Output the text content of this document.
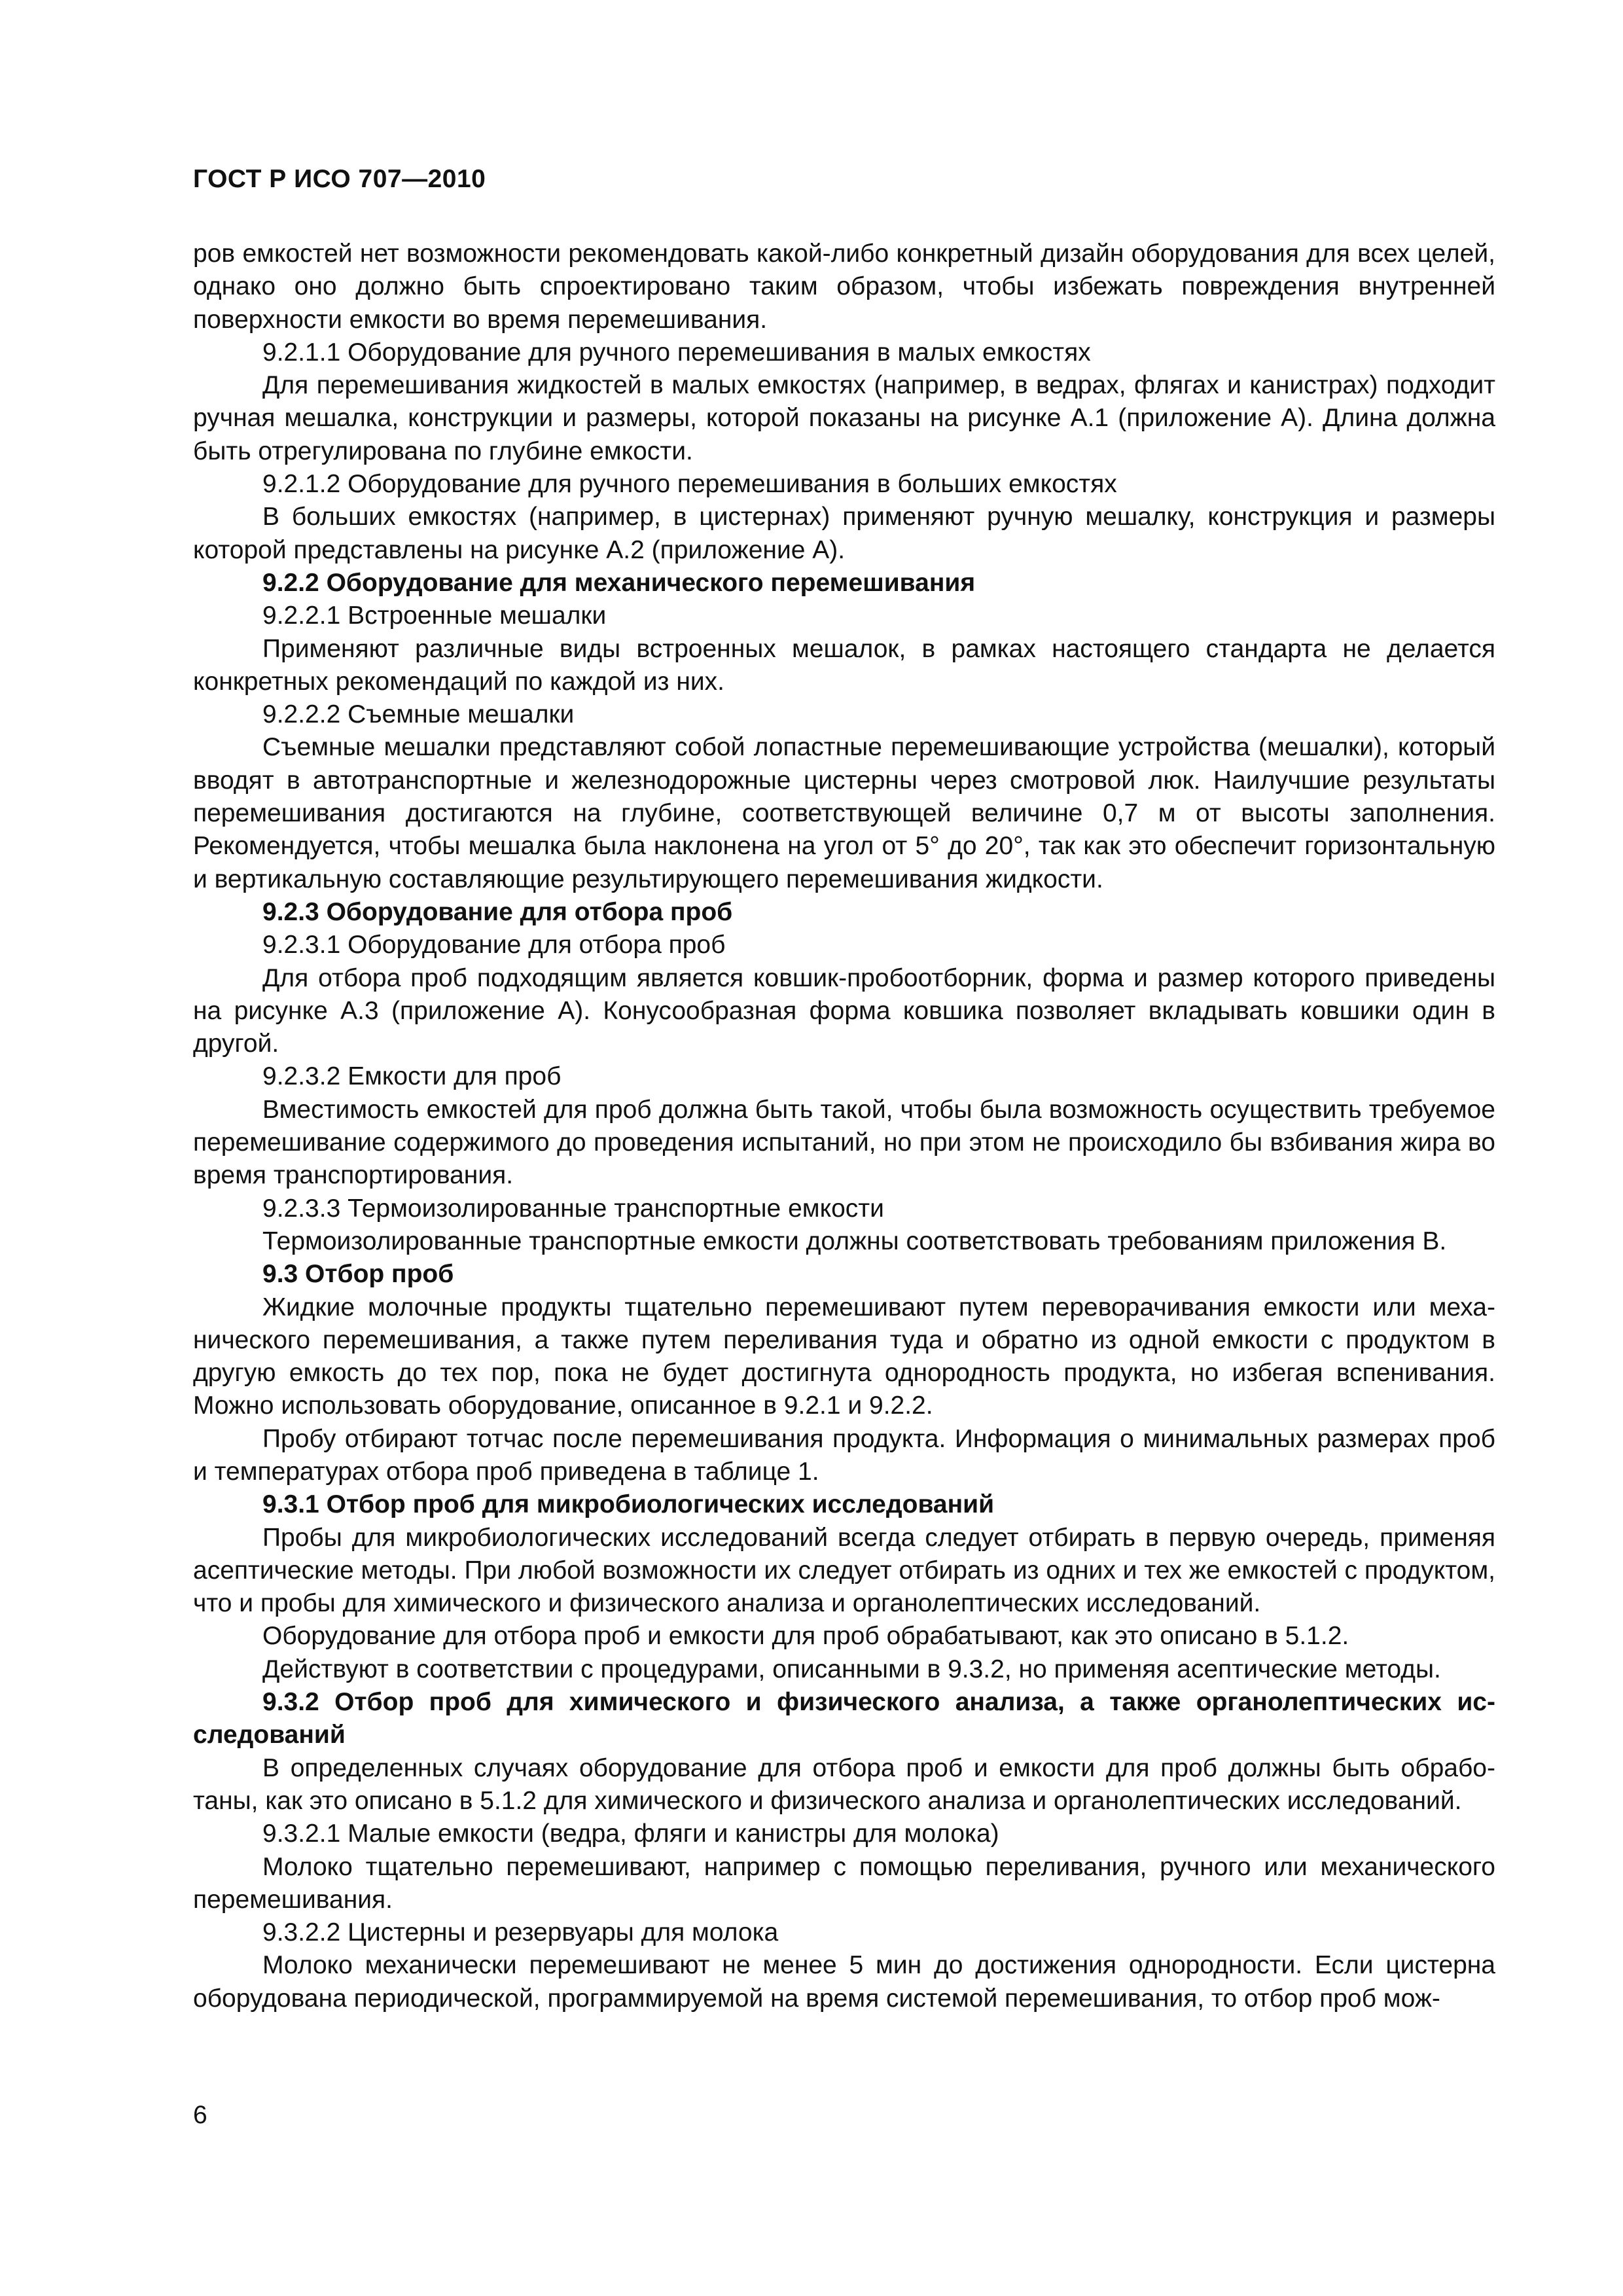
ГОСТ Р ИСО 707—2010

ров емкостей нет возможности рекомендовать какой-либо конкретный дизайн оборудования для всех целей, однако оно должно быть спроектировано таким образом, чтобы избежать повреждения внутренней поверхности емкости во время перемешивания.

9.2.1.1 Оборудование для ручного перемешивания в малых емкостях

Для перемешивания жидкостей в малых емкостях (например, в ведрах, флягах и канистрах) подходит ручная мешалка, конструкции и размеры, которой показаны на рисунке А.1 (приложение А). Длина должна быть отрегулирована по глубине емкости.

9.2.1.2 Оборудование для ручного перемешивания в больших емкостях

В больших емкостях (например, в цистернах) применяют ручную мешалку, конструкция и размеры которой представлены на рисунке А.2 (приложение А).

9.2.2 Оборудование для механического перемешивания

9.2.2.1 Встроенные мешалки

Применяют различные виды встроенных мешалок, в рамках настоящего стандарта не делается конкретных рекомендаций по каждой из них.

9.2.2.2 Съемные мешалки

Съемные мешалки представляют собой лопастные перемешивающие устройства (мешалки), который вводят в автотранспортные и железнодорожные цистерны через смотровой люк. Наилучшие результаты перемешивания достигаются на глубине, соответствующей величине 0,7 м от высоты заполнения. Рекомендуется, чтобы мешалка была наклонена на угол от 5° до 20°, так как это обеспечит горизонтальную и вертикальную составляющие результирующего перемешивания жидкости.

9.2.3 Оборудование для отбора проб

9.2.3.1 Оборудование для отбора проб

Для отбора проб подходящим является ковшик-пробоотборник, форма и размер которого приведены на рисунке А.3 (приложение А). Конусообразная форма ковшика позволяет вкладывать ковшики один в другой.

9.2.3.2 Емкости для проб

Вместимость емкостей для проб должна быть такой, чтобы была возможность осуществить требуемое перемешивание содержимого до проведения испытаний, но при этом не происходило бы взбивания жира во время транспортирования.

9.2.3.3 Термоизолированные транспортные емкости

Термоизолированные транспортные емкости должны соответствовать требованиям приложения В.

9.3 Отбор проб

Жидкие молочные продукты тщательно перемешивают путем переворачивания емкости или механического перемешивания, а также путем переливания туда и обратно из одной емкости с продуктом в другую емкость до тех пор, пока не будет достигнута однородность продукта, но избегая вспенивания. Можно использовать оборудование, описанное в 9.2.1 и 9.2.2.

Пробу отбирают тотчас после перемешивания продукта. Информация о минимальных размерах проб и температурах отбора проб приведена в таблице 1.

9.3.1 Отбор проб для микробиологических исследований

Пробы для микробиологических исследований всегда следует отбирать в первую очередь, применяя асептические методы. При любой возможности их следует отбирать из одних и тех же емкостей с продуктом, что и пробы для химического и физического анализа и органолептических исследований.

Оборудование для отбора проб и емкости для проб обрабатывают, как это описано в 5.1.2.

Действуют в соответствии с процедурами, описанными в 9.3.2, но применяя асептические методы.

9.3.2 Отбор проб для химического и физического анализа, а также органолептических исследований

В определенных случаях оборудование для отбора проб и емкости для проб должны быть обработаны, как это описано в 5.1.2 для химического и физического анализа и органолептических исследований.

9.3.2.1 Малые емкости (ведра, фляги и канистры для молока)

Молоко тщательно перемешивают, например с помощью переливания, ручного или механического перемешивания.

9.3.2.2 Цистерны и резервуары для молока

Молоко механически перемешивают не менее 5 мин до достижения однородности. Если цистерна оборудована периодической, программируемой на время системой перемешивания, то отбор проб мож-

6
